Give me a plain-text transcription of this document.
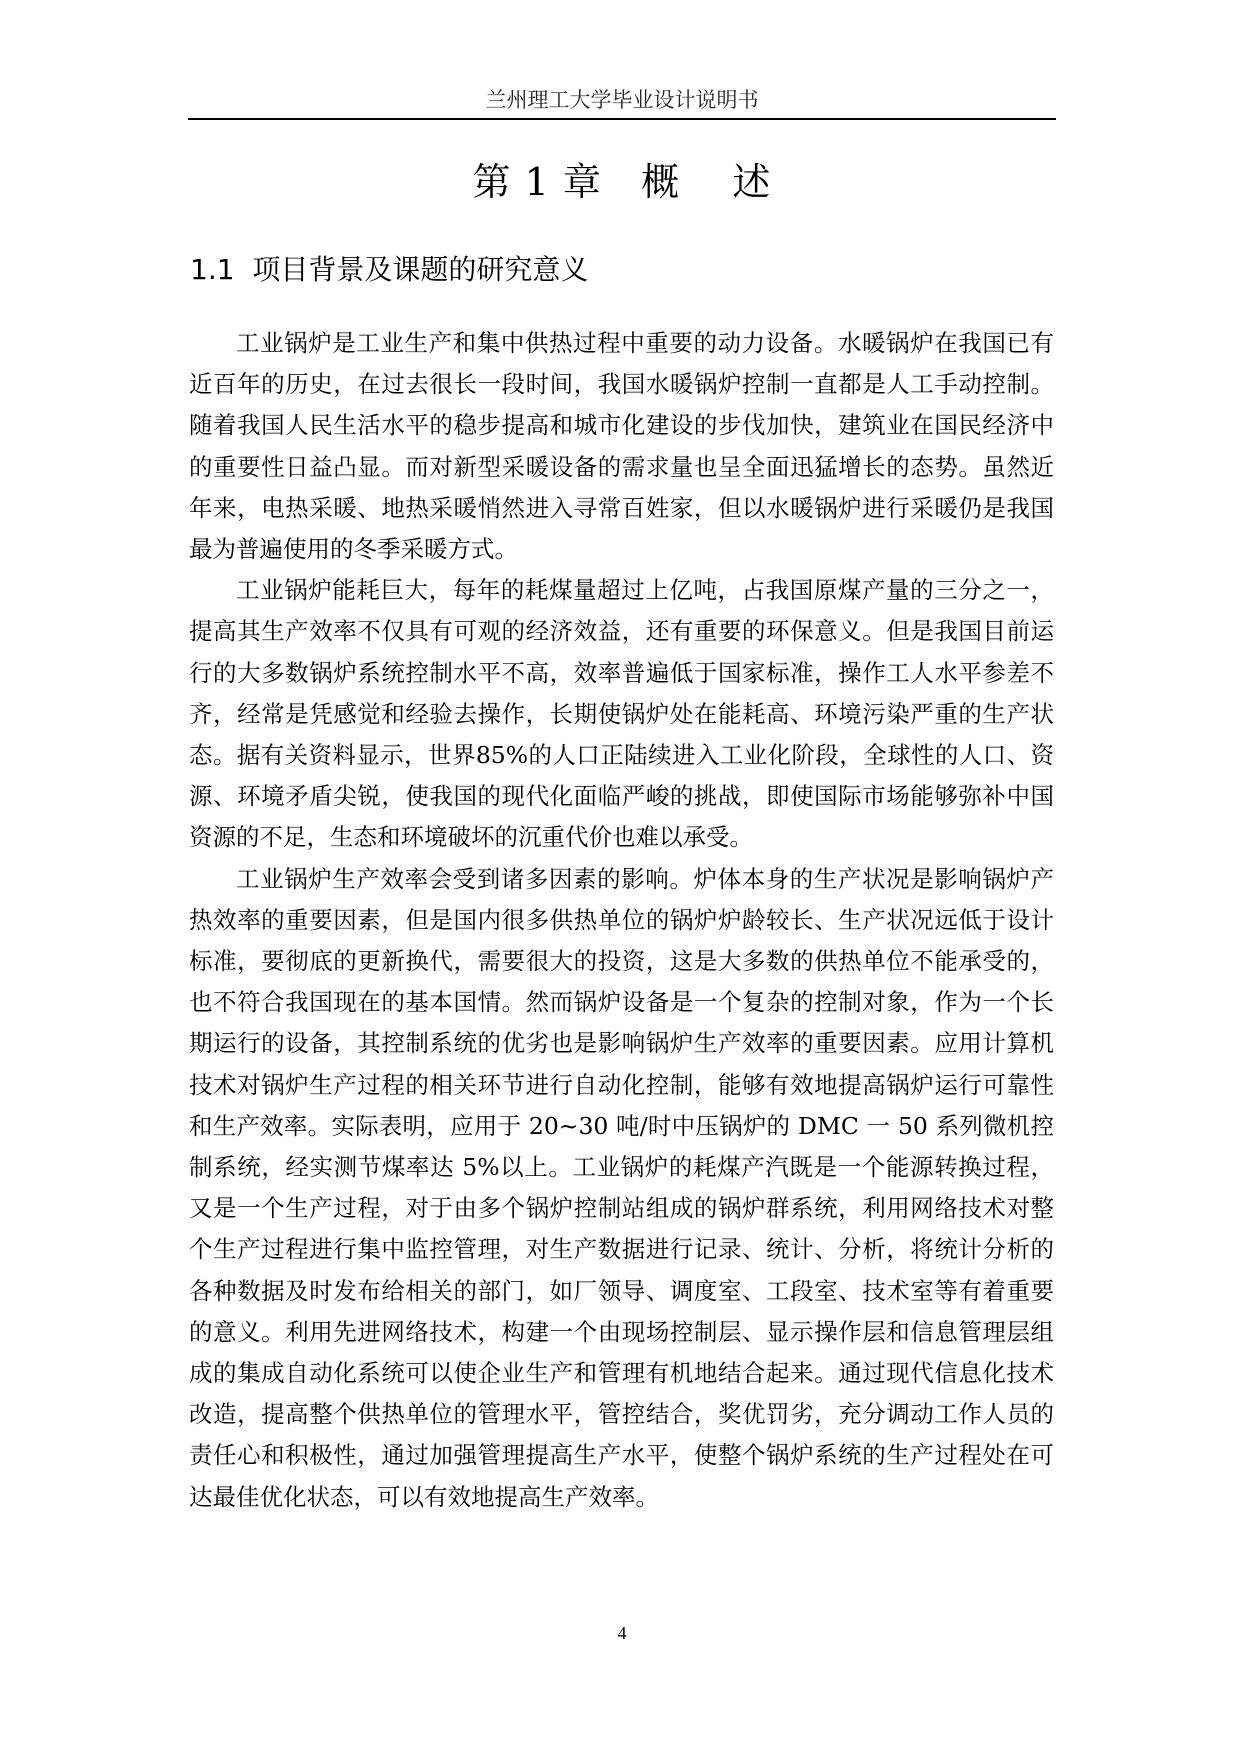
兰州理工大学毕业设计说明书
第 1 章   概    述
1.1  项目背景及课题的研究意义

工业锅炉是工业生产和集中供热过程中重要的动力设备。水暖锅炉在我国已有近百年的历史，在过去很长一段时间，我国水暖锅炉控制一直都是人工手动控制。随着我国人民生活水平的稳步提高和城市化建设的步伐加快，建筑业在国民经济中的重要性日益凸显。而对新型采暖设备的需求量也呈全面迅猛增长的态势。虽然近年来，电热采暖、地热采暖悄然进入寻常百姓家，但以水暖锅炉进行采暖仍是我国最为普遍使用的冬季采暖方式。

工业锅炉能耗巨大，每年的耗煤量超过上亿吨，占我国原煤产量的三分之一，提高其生产效率不仅具有可观的经济效益，还有重要的环保意义。但是我国目前运行的大多数锅炉系统控制水平不高，效率普遍低于国家标准，操作工人水平参差不齐，经常是凭感觉和经验去操作，长期使锅炉处在能耗高、环境污染严重的生产状态。据有关资料显示，世界85%的人口正陆续进入工业化阶段，全球性的人口、资源、环境矛盾尖锐，使我国的现代化面临严峻的挑战，即使国际市场能够弥补中国资源的不足，生态和环境破坏的沉重代价也难以承受。

工业锅炉生产效率会受到诸多因素的影响。炉体本身的生产状况是影响锅炉产热效率的重要因素，但是国内很多供热单位的锅炉炉龄较长、生产状况远低于设计标准，要彻底的更新换代，需要很大的投资，这是大多数的供热单位不能承受的，也不符合我国现在的基本国情。然而锅炉设备是一个复杂的控制对象，作为一个长期运行的设备，其控制系统的优劣也是影响锅炉生产效率的重要因素。应用计算机技术对锅炉生产过程的相关环节进行自动化控制，能够有效地提高锅炉运行可靠性和生产效率。实际表明，应用于 20~30 吨/时中压锅炉的 DMC 一 50 系列微机控制系统，经实测节煤率达 5%以上。工业锅炉的耗煤产汽既是一个能源转换过程，又是一个生产过程，对于由多个锅炉控制站组成的锅炉群系统，利用网络技术对整个生产过程进行集中监控管理，对生产数据进行记录、统计、分析，将统计分析的各种数据及时发布给相关的部门，如厂领导、调度室、工段室、技术室等有着重要的意义。利用先进网络技术，构建一个由现场控制层、显示操作层和信息管理层组成的集成自动化系统可以使企业生产和管理有机地结合起来。通过现代信息化技术改造，提高整个供热单位的管理水平，管控结合，奖优罚劣，充分调动工作人员的责任心和积极性，通过加强管理提高生产水平，使整个锅炉系统的生产过程处在可达最佳优化状态，可以有效地提高生产效率。

4
